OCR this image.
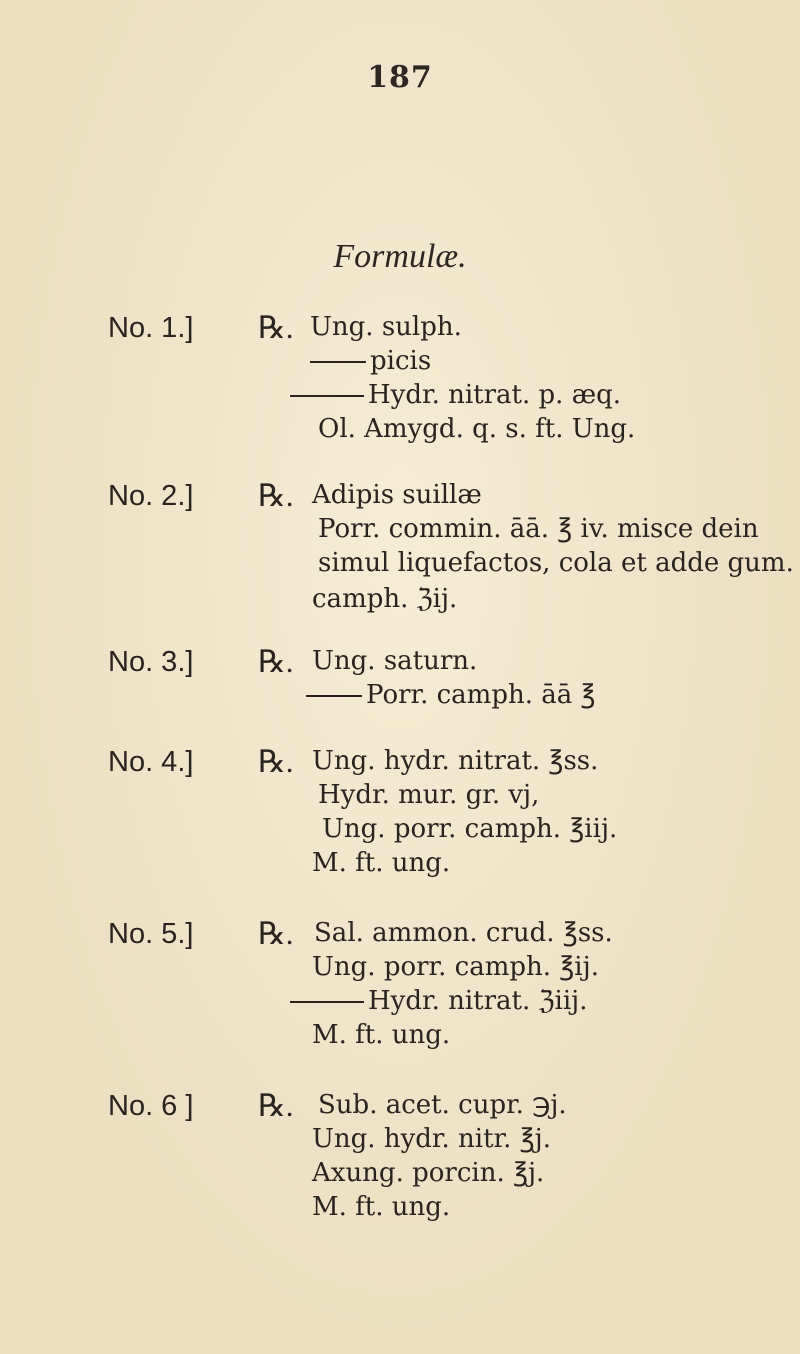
187
Formulæ.
No. 1.] ℞. Ung. sulph.
picis
Hydr. nitrat. p. æq.
Ol. Amygd. q. s. ft. Ung.
No. 2.] ℞. Adipis suillæ
Porr. commin. āā. ℥ iv. misce dein
simul liquefactos, cola et adde gum.
camph. ℨij.
No. 3.] ℞. Ung. saturn.
Porr. camph. āā ℥
No. 4.] ℞. Ung. hydr. nitrat. ℥ss.
Hydr. mur. gr. vj,
Ung. porr. camph. ℥iij.
M. ft. ung.
No. 5.] ℞. Sal. ammon. crud. ℥ss.
Ung. porr. camph. ℥ij.
Hydr. nitrat. ℨiij.
M. ft. ung.
No. 6 ] ℞. Sub. acet. cupr. ℈j.
Ung. hydr. nitr. ℥j.
Axung. porcin. ℥j.
M. ft. ung.
